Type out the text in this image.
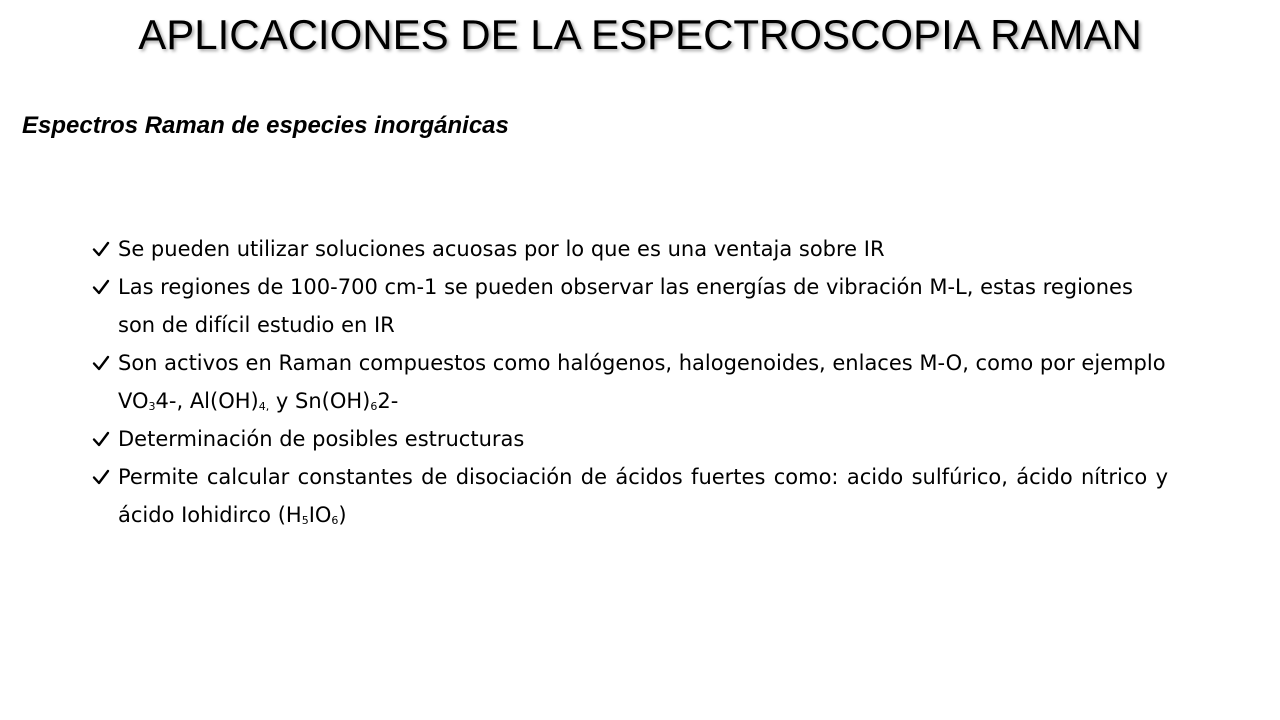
APLICACIONES DE LA ESPECTROSCOPIA RAMAN
Espectros Raman de especies inorgánicas
Se pueden utilizar soluciones acuosas por lo que es una ventaja sobre IR
Las regiones de 100-700 cm-1 se pueden observar las energías de vibración M-L, estas regiones son de difícil estudio en IR
Son activos en Raman compuestos como halógenos, halogenoides, enlaces M-O, como por ejemplo $VO_34-$, $Al(OH)_{4,}$ y $Sn(OH)_62-$
Determinación de posibles estructuras
Permite calcular constantes de disociación de ácidos fuertes como: acido sulfúrico, ácido nítrico y ácido Iohidirco $(H_5IO_6)$
